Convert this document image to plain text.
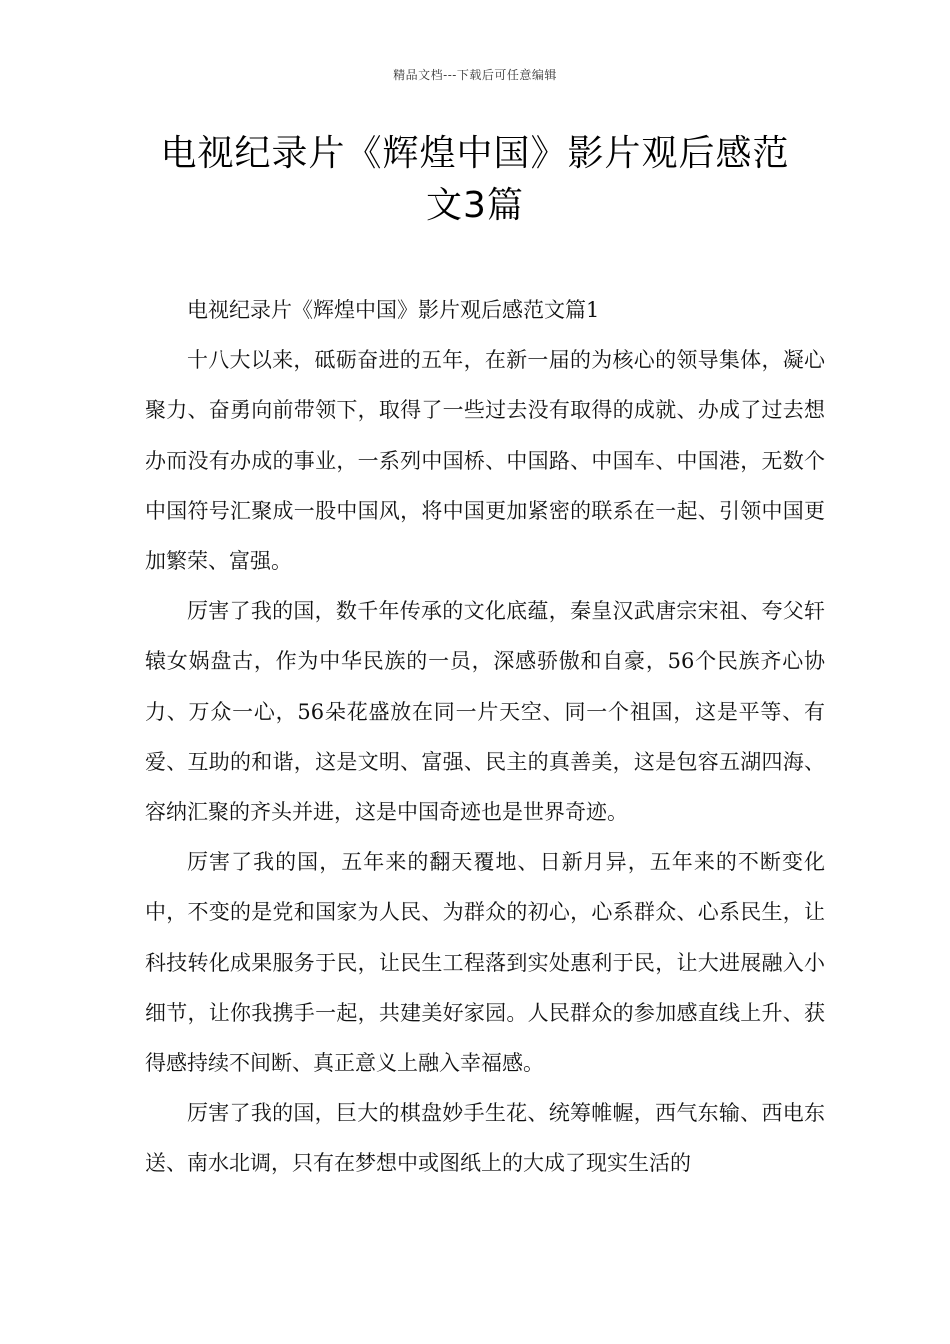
精品文档---下载后可任意编辑
电视纪录片《辉煌中国》影片观后感范
文3篇

电视纪录片《辉煌中国》影片观后感范文篇1

十八大以来，砥砺奋进的五年，在新一届的为核心的领导集体，凝心聚力、奋勇向前带领下，取得了一些过去没有取得的成就、办成了过去想办而没有办成的事业，一系列中国桥、中国路、中国车、中国港，无数个中国符号汇聚成一股中国风，将中国更加紧密的联系在一起、引领中国更加繁荣、富强。

厉害了我的国，数千年传承的文化底蕴，秦皇汉武唐宗宋祖、夸父轩辕女娲盘古，作为中华民族的一员，深感骄傲和自豪，56个民族齐心协力、万众一心，56朵花盛放在同一片天空、同一个祖国，这是平等、有爱、互助的和谐，这是文明、富强、民主的真善美，这是包容五湖四海、容纳汇聚的齐头并进，这是中国奇迹也是世界奇迹。

厉害了我的国，五年来的翻天覆地、日新月异，五年来的不断变化中，不变的是党和国家为人民、为群众的初心，心系群众、心系民生，让科技转化成果服务于民，让民生工程落到实处惠利于民，让大进展融入小细节，让你我携手一起，共建美好家园。人民群众的参加感直线上升、获得感持续不间断、真正意义上融入幸福感。

厉害了我的国，巨大的棋盘妙手生花、统筹帷幄，西气东输、西电东送、南水北调，只有在梦想中或图纸上的大成了现实生活的
